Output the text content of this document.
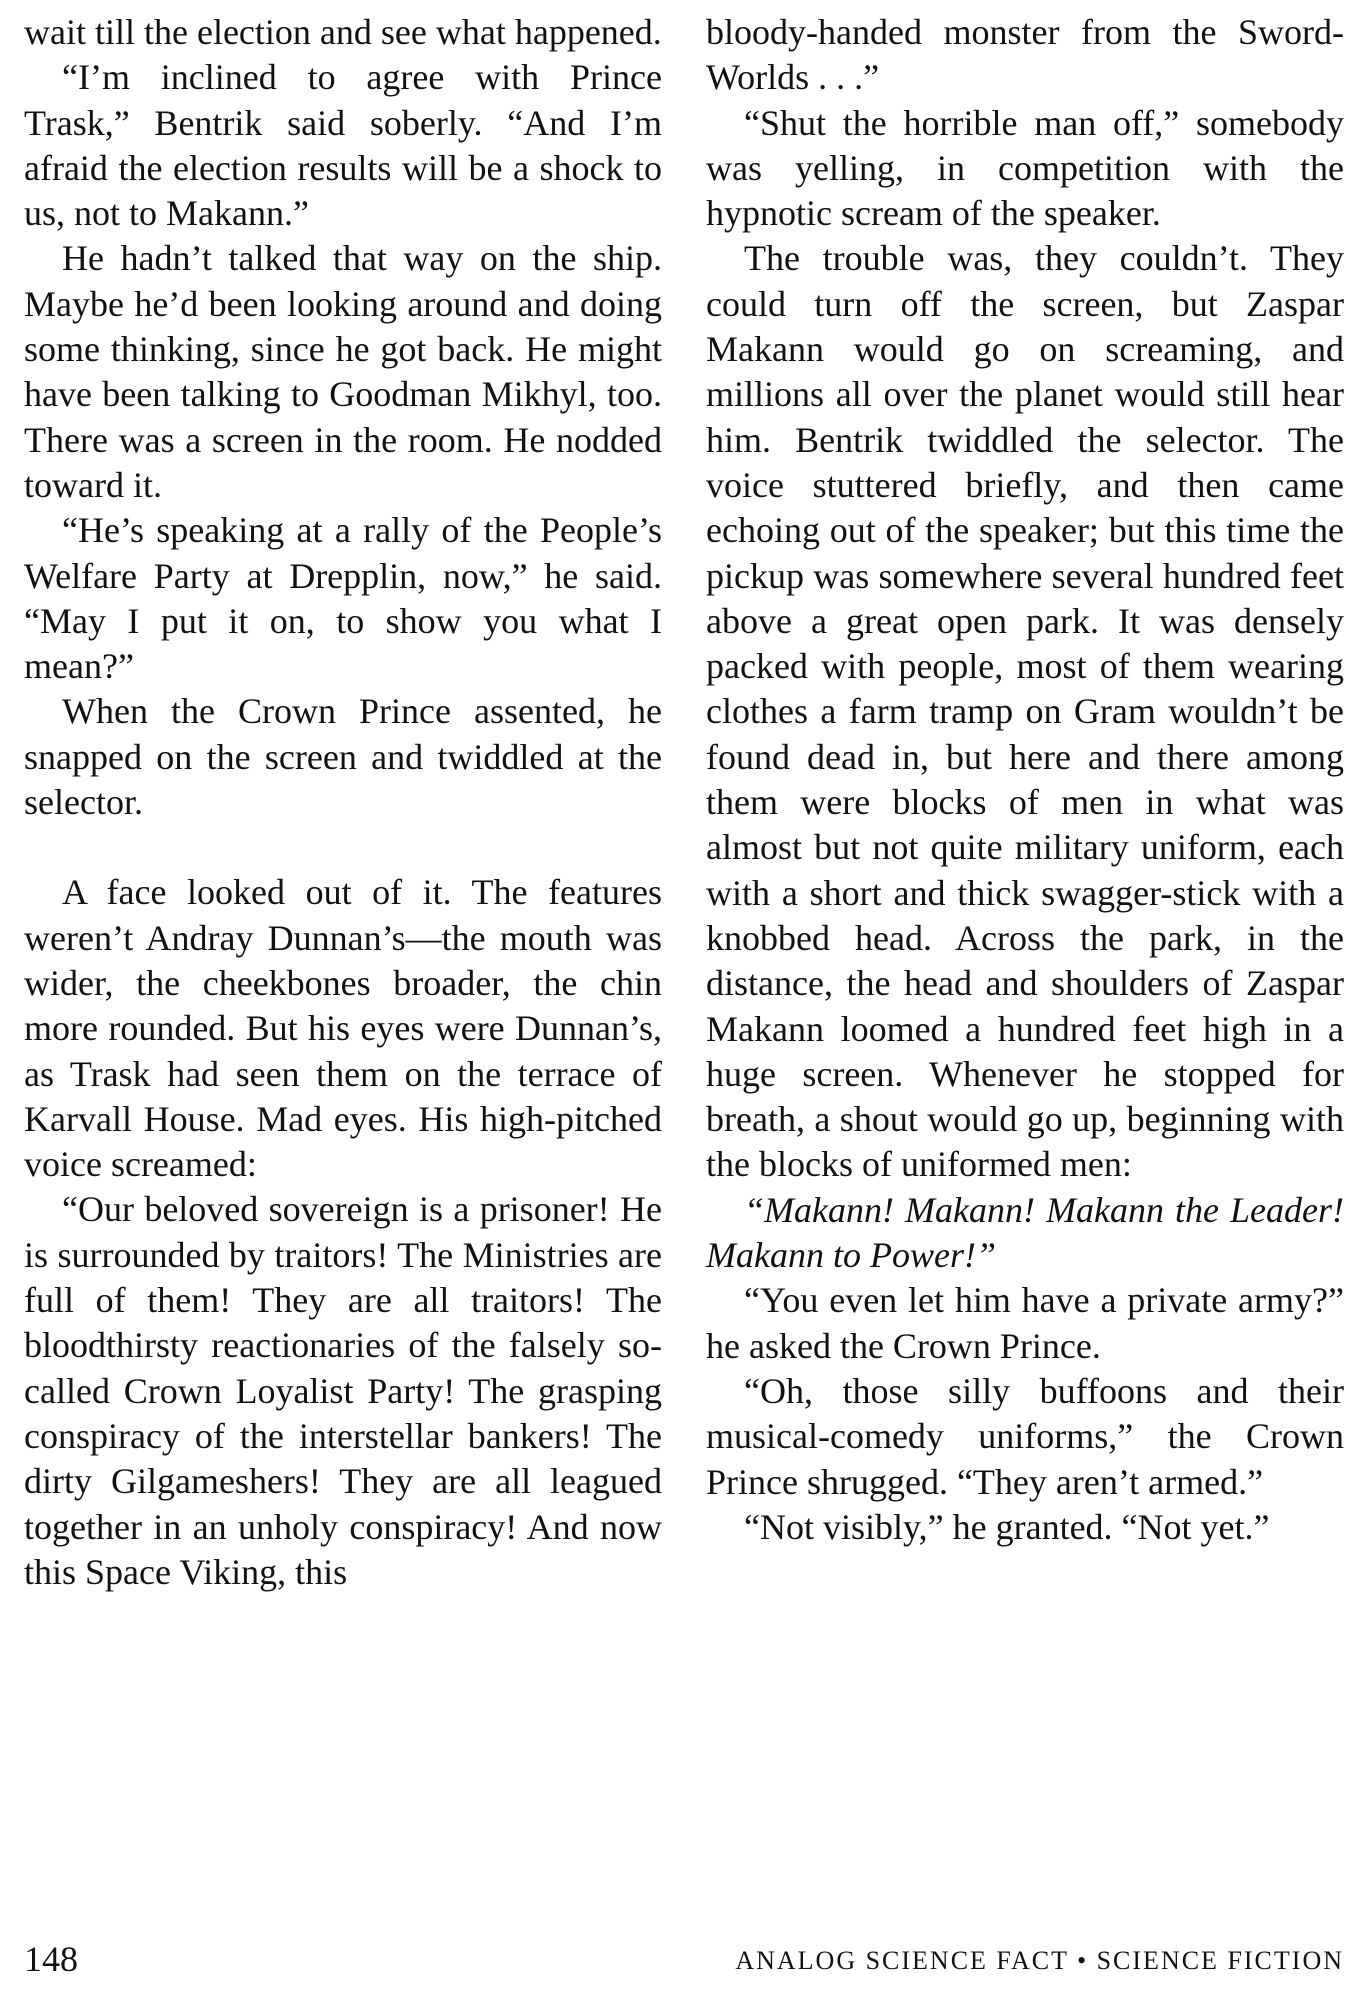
wait till the election and see what happened.

“I’m inclined to agree with Prince Trask,” Bentrik said soberly. “And I’m afraid the election results will be a shock to us, not to Makann.”

He hadn’t talked that way on the ship. Maybe he’d been looking around and doing some thinking, since he got back. He might have been talking to Goodman Mikhyl, too. There was a screen in the room. He nodded toward it.

“He’s speaking at a rally of the People’s Welfare Party at Drepplin, now,” he said. “May I put it on, to show you what I mean?”

When the Crown Prince assented, he snapped on the screen and twiddled at the selector.

A face looked out of it. The features weren’t Andray Dunnan’s—the mouth was wider, the cheekbones broader, the chin more rounded. But his eyes were Dunnan’s, as Trask had seen them on the terrace of Karvall House. Mad eyes. His high-pitched voice screamed:

“Our beloved sovereign is a prisoner! He is surrounded by traitors! The Ministries are full of them! They are all traitors! The bloodthirsty reactionaries of the falsely so-called Crown Loyalist Party! The grasping conspiracy of the interstellar bankers! The dirty Gilgameshers! They are all leagued together in an unholy conspiracy! And now this Space Viking, this

bloody-handed monster from the Sword-Worlds . . .”

“Shut the horrible man off,” somebody was yelling, in competition with the hypnotic scream of the speaker.

The trouble was, they couldn’t. They could turn off the screen, but Zaspar Makann would go on screaming, and millions all over the planet would still hear him. Bentrik twiddled the selector. The voice stuttered briefly, and then came echoing out of the speaker; but this time the pickup was somewhere several hundred feet above a great open park. It was densely packed with people, most of them wearing clothes a farm tramp on Gram wouldn’t be found dead in, but here and there among them were blocks of men in what was almost but not quite military uniform, each with a short and thick swagger-stick with a knobbed head. Across the park, in the distance, the head and shoulders of Zaspar Makann loomed a hundred feet high in a huge screen. Whenever he stopped for breath, a shout would go up, beginning with the blocks of uniformed men:

“Makann! Makann! Makann the Leader! Makann to Power!”

“You even let him have a private army?” he asked the Crown Prince.

“Oh, those silly buffoons and their musical-comedy uniforms,” the Crown Prince shrugged. “They aren’t armed.”

“Not visibly,” he granted. “Not yet.”

148	ANALOG SCIENCE FACT • SCIENCE FICTION
